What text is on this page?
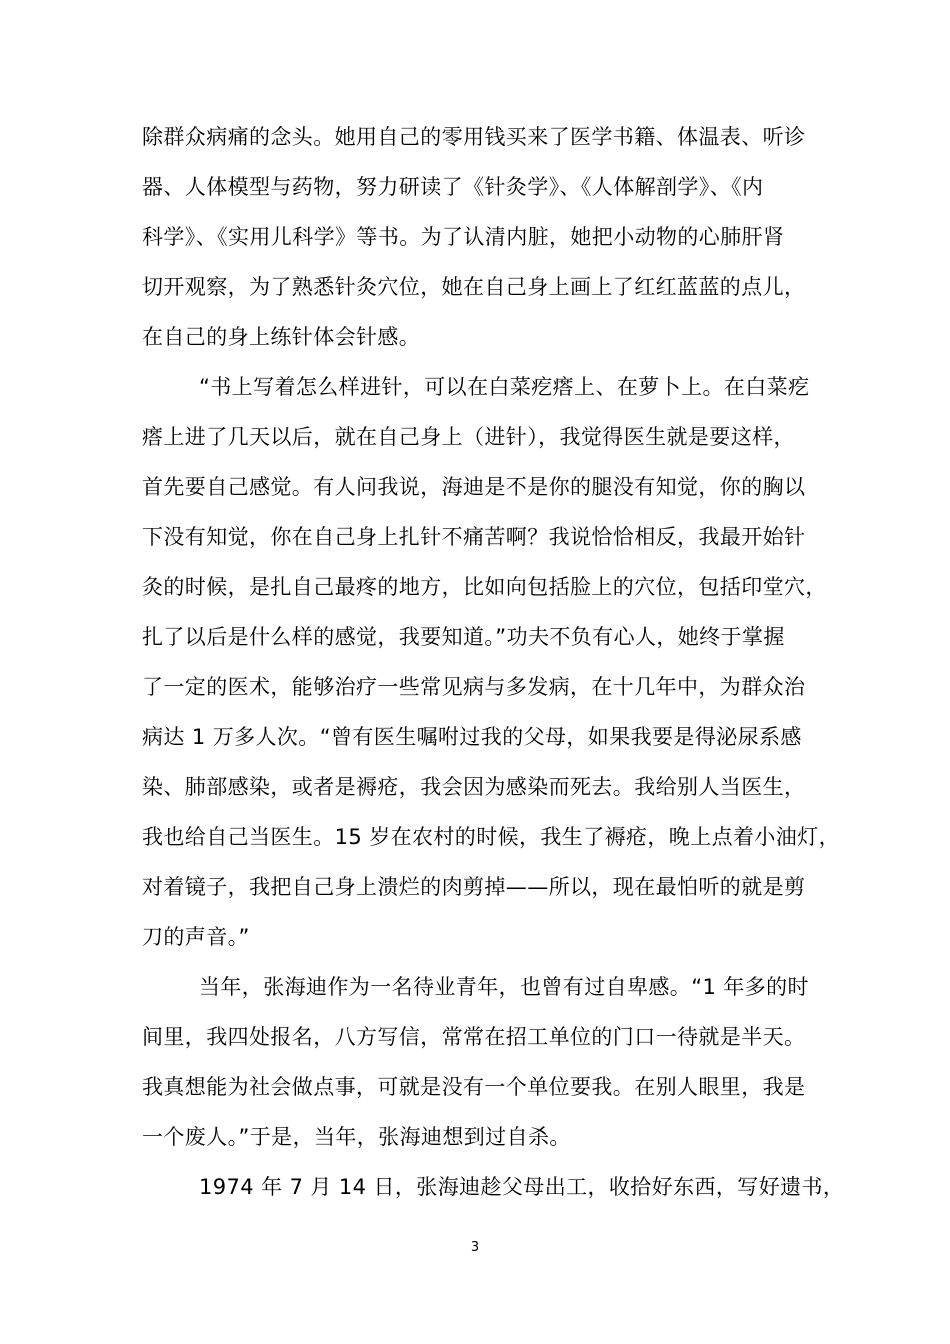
除群众病痛的念头。她用自己的零用钱买来了医学书籍、体温表、听诊
器、人体模型与药物，努力研读了《针灸学》、《人体解剖学》、《内
科学》、《实用儿科学》等书。为了认清内脏，她把小动物的心肺肝肾
切开观察，为了熟悉针灸穴位，她在自己身上画上了红红蓝蓝的点儿，
在自己的身上练针体会针感。
“书上写着怎么样进针，可以在白菜疙瘩上、在萝卜上。在白菜疙
瘩上进了几天以后，就在自己身上（进针），我觉得医生就是要这样，
首先要自己感觉。有人问我说，海迪是不是你的腿没有知觉，你的胸以
下没有知觉，你在自己身上扎针不痛苦啊？我说恰恰相反，我最开始针
灸的时候，是扎自己最疼的地方，比如向包括脸上的穴位，包括印堂穴，
扎了以后是什么样的感觉，我要知道。”功夫不负有心人，她终于掌握
了一定的医术，能够治疗一些常见病与多发病，在十几年中，为群众治
病达 1 万多人次。“曾有医生嘱咐过我的父母，如果我要是得泌尿系感
染、肺部感染，或者是褥疮，我会因为感染而死去。我给别人当医生，
我也给自己当医生。15 岁在农村的时候，我生了褥疮，晚上点着小油灯，
对着镜子，我把自己身上溃烂的肉剪掉——所以，现在最怕听的就是剪
刀的声音。”
当年，张海迪作为一名待业青年，也曾有过自卑感。“1 年多的时
间里，我四处报名，八方写信，常常在招工单位的门口一待就是半天。
我真想能为社会做点事，可就是没有一个单位要我。在别人眼里，我是
一个废人。”于是，当年，张海迪想到过自杀。
1974 年 7 月 14 日，张海迪趁父母出工，收拾好东西，写好遗书，
3
